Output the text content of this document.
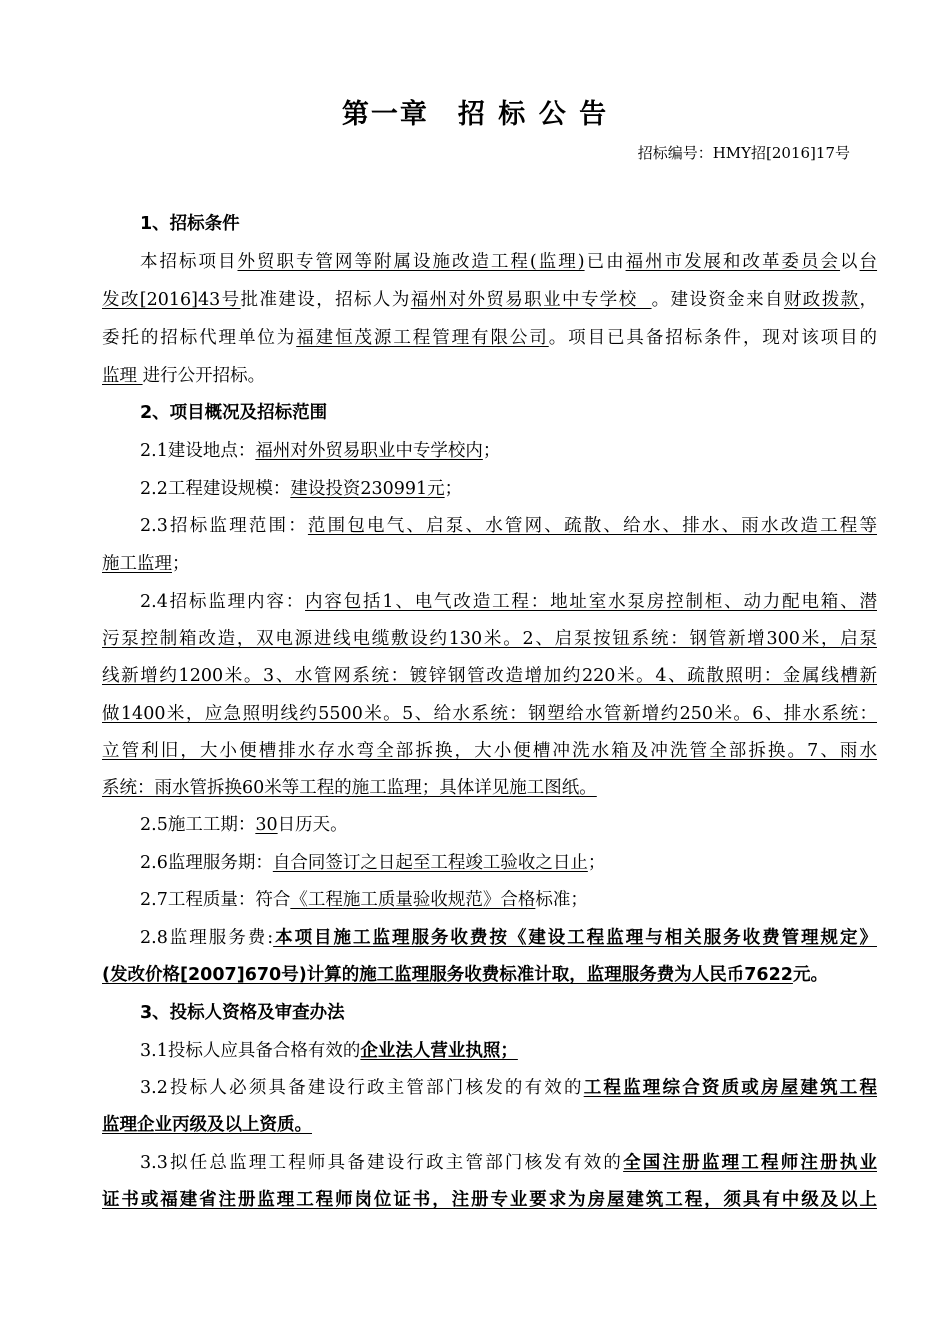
第一章　招 标 公 告
招标编号：HMY招[2016]17号
1、招标条件
本招标项目外贸职专管网等附属设施改造工程(监理)已由福州市发展和改革委员会以台
发改[2016]43号批准建设，招标人为福州对外贸易职业中专学校  。建设资金来自财政拨款，
委托的招标代理单位为福建恒茂源工程管理有限公司。项目已具备招标条件，现对该项目的
监理 进行公开招标。
2、项目概况及招标范围
2.1建设地点：福州对外贸易职业中专学校内；
2.2工程建设规模：建设投资230991元；
2.3招标监理范围：范围包电气、启泵、水管网、疏散、给水、排水、雨水改造工程等
施工监理；
2.4招标监理内容：内容包括1、电气改造工程：地址室水泵房控制柜、动力配电箱、潜
污泵控制箱改造，双电源进线电缆敷设约130米。2、启泵按钮系统：钢管新增300米，启泵
线新增约1200米。3、水管网系统：镀锌钢管改造增加约220米。4、疏散照明：金属线槽新
做1400米，应急照明线约5500米。5、给水系统：钢塑给水管新增约250米。6、排水系统：
立管利旧，大小便槽排水存水弯全部拆换，大小便槽冲洗水箱及冲洗管全部拆换。7、雨水
系统：雨水管拆换60米等工程的施工监理；具体详见施工图纸。
2.5施工工期：30日历天。
2.6监理服务期：自合同签订之日起至工程竣工验收之日止；
2.7工程质量：符合《工程施工质量验收规范》合格标准；
2.8监理服务费:本项目施工监理服务收费按《建设工程监理与相关服务收费管理规定》
(发改价格[2007]670号)计算的施工监理服务收费标准计取，监理服务费为人民币7622元。
3、投标人资格及审查办法
3.1投标人应具备合格有效的企业法人营业执照；
3.2投标人必须具备建设行政主管部门核发的有效的工程监理综合资质或房屋建筑工程
监理企业丙级及以上资质。
3.3拟任总监理工程师具备建设行政主管部门核发有效的全国注册监理工程师注册执业
证书或福建省注册监理工程师岗位证书，注册专业要求为房屋建筑工程，须具有中级及以上
